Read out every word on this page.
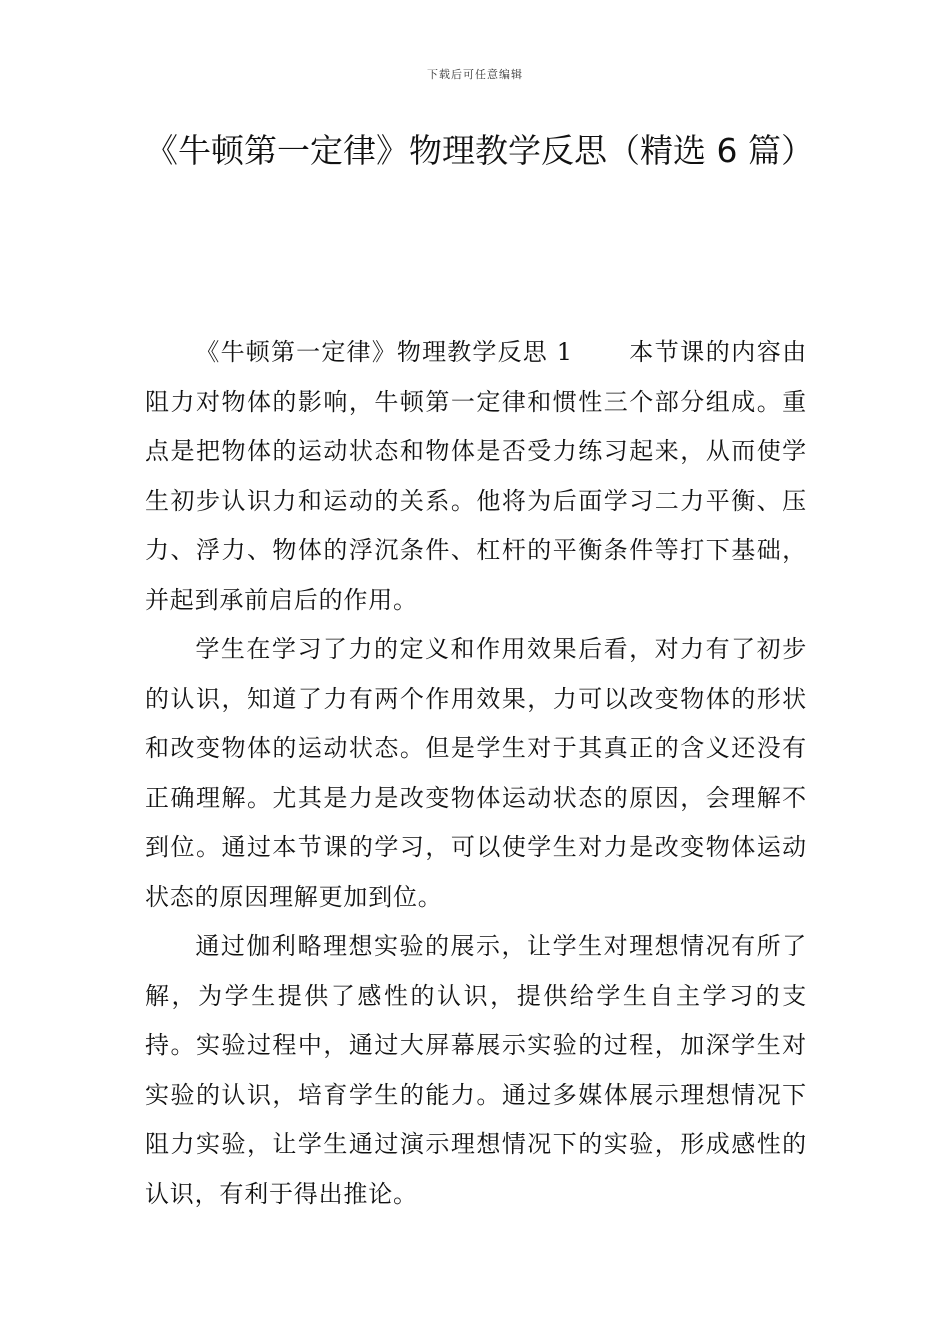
下载后可任意编辑
《牛顿第一定律》物理教学反思（精选 6 篇）

《牛顿第一定律》物理教学反思 1 本节课的内容由阻力对物体的影响，牛顿第一定律和惯性三个部分组成。重点是把物体的运动状态和物体是否受力练习起来，从而使学生初步认识力和运动的关系。他将为后面学习二力平衡、压力、浮力、物体的浮沉条件、杠杆的平衡条件等打下基础，并起到承前启后的作用。

学生在学习了力的定义和作用效果后看，对力有了初步的认识，知道了力有两个作用效果，力可以改变物体的形状和改变物体的运动状态。但是学生对于其真正的含义还没有正确理解。尤其是力是改变物体运动状态的原因，会理解不到位。通过本节课的学习，可以使学生对力是改变物体运动状态的原因理解更加到位。

通过伽利略理想实验的展示，让学生对理想情况有所了解，为学生提供了感性的认识，提供给学生自主学习的支持。实验过程中，通过大屏幕展示实验的过程，加深学生对实验的认识，培育学生的能力。通过多媒体展示理想情况下阻力实验，让学生通过演示理想情况下的实验，形成感性的认识，有利于得出推论。
